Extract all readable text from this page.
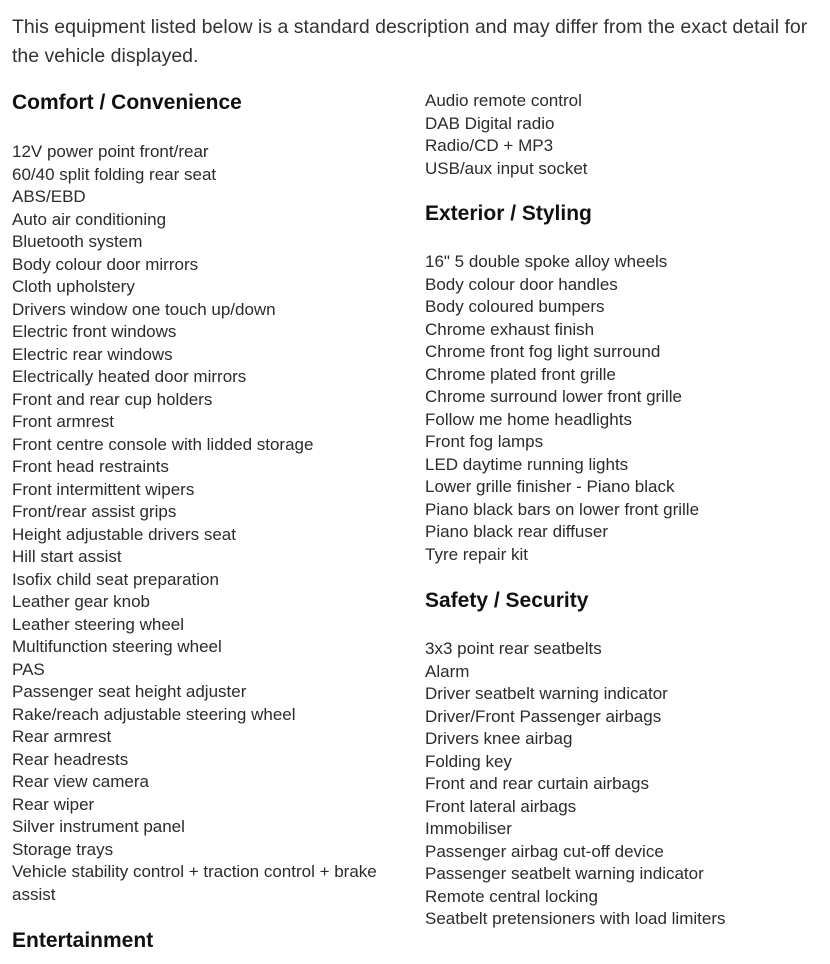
This equipment listed below is a standard description and may differ from the exact detail for the vehicle displayed.

Comfort / Convenience
12V power point front/rear
60/40 split folding rear seat
ABS/EBD
Auto air conditioning
Bluetooth system
Body colour door mirrors
Cloth upholstery
Drivers window one touch up/down
Electric front windows
Electric rear windows
Electrically heated door mirrors
Front and rear cup holders
Front armrest
Front centre console with lidded storage
Front head restraints
Front intermittent wipers
Front/rear assist grips
Height adjustable drivers seat
Hill start assist
Isofix child seat preparation
Leather gear knob
Leather steering wheel
Multifunction steering wheel
PAS
Passenger seat height adjuster
Rake/reach adjustable steering wheel
Rear armrest
Rear headrests
Rear view camera
Rear wiper
Silver instrument panel
Storage trays
Vehicle stability control + traction control + brake assist
Entertainment
Audio remote control
DAB Digital radio
Radio/CD + MP3
USB/aux input socket
Exterior / Styling
16" 5 double spoke alloy wheels
Body colour door handles
Body coloured bumpers
Chrome exhaust finish
Chrome front fog light surround
Chrome plated front grille
Chrome surround lower front grille
Follow me home headlights
Front fog lamps
LED daytime running lights
Lower grille finisher - Piano black
Piano black bars on lower front grille
Piano black rear diffuser
Tyre repair kit
Safety / Security
3x3 point rear seatbelts
Alarm
Driver seatbelt warning indicator
Driver/Front Passenger airbags
Drivers knee airbag
Folding key
Front and rear curtain airbags
Front lateral airbags
Immobiliser
Passenger airbag cut-off device
Passenger seatbelt warning indicator
Remote central locking
Seatbelt pretensioners with load limiters
